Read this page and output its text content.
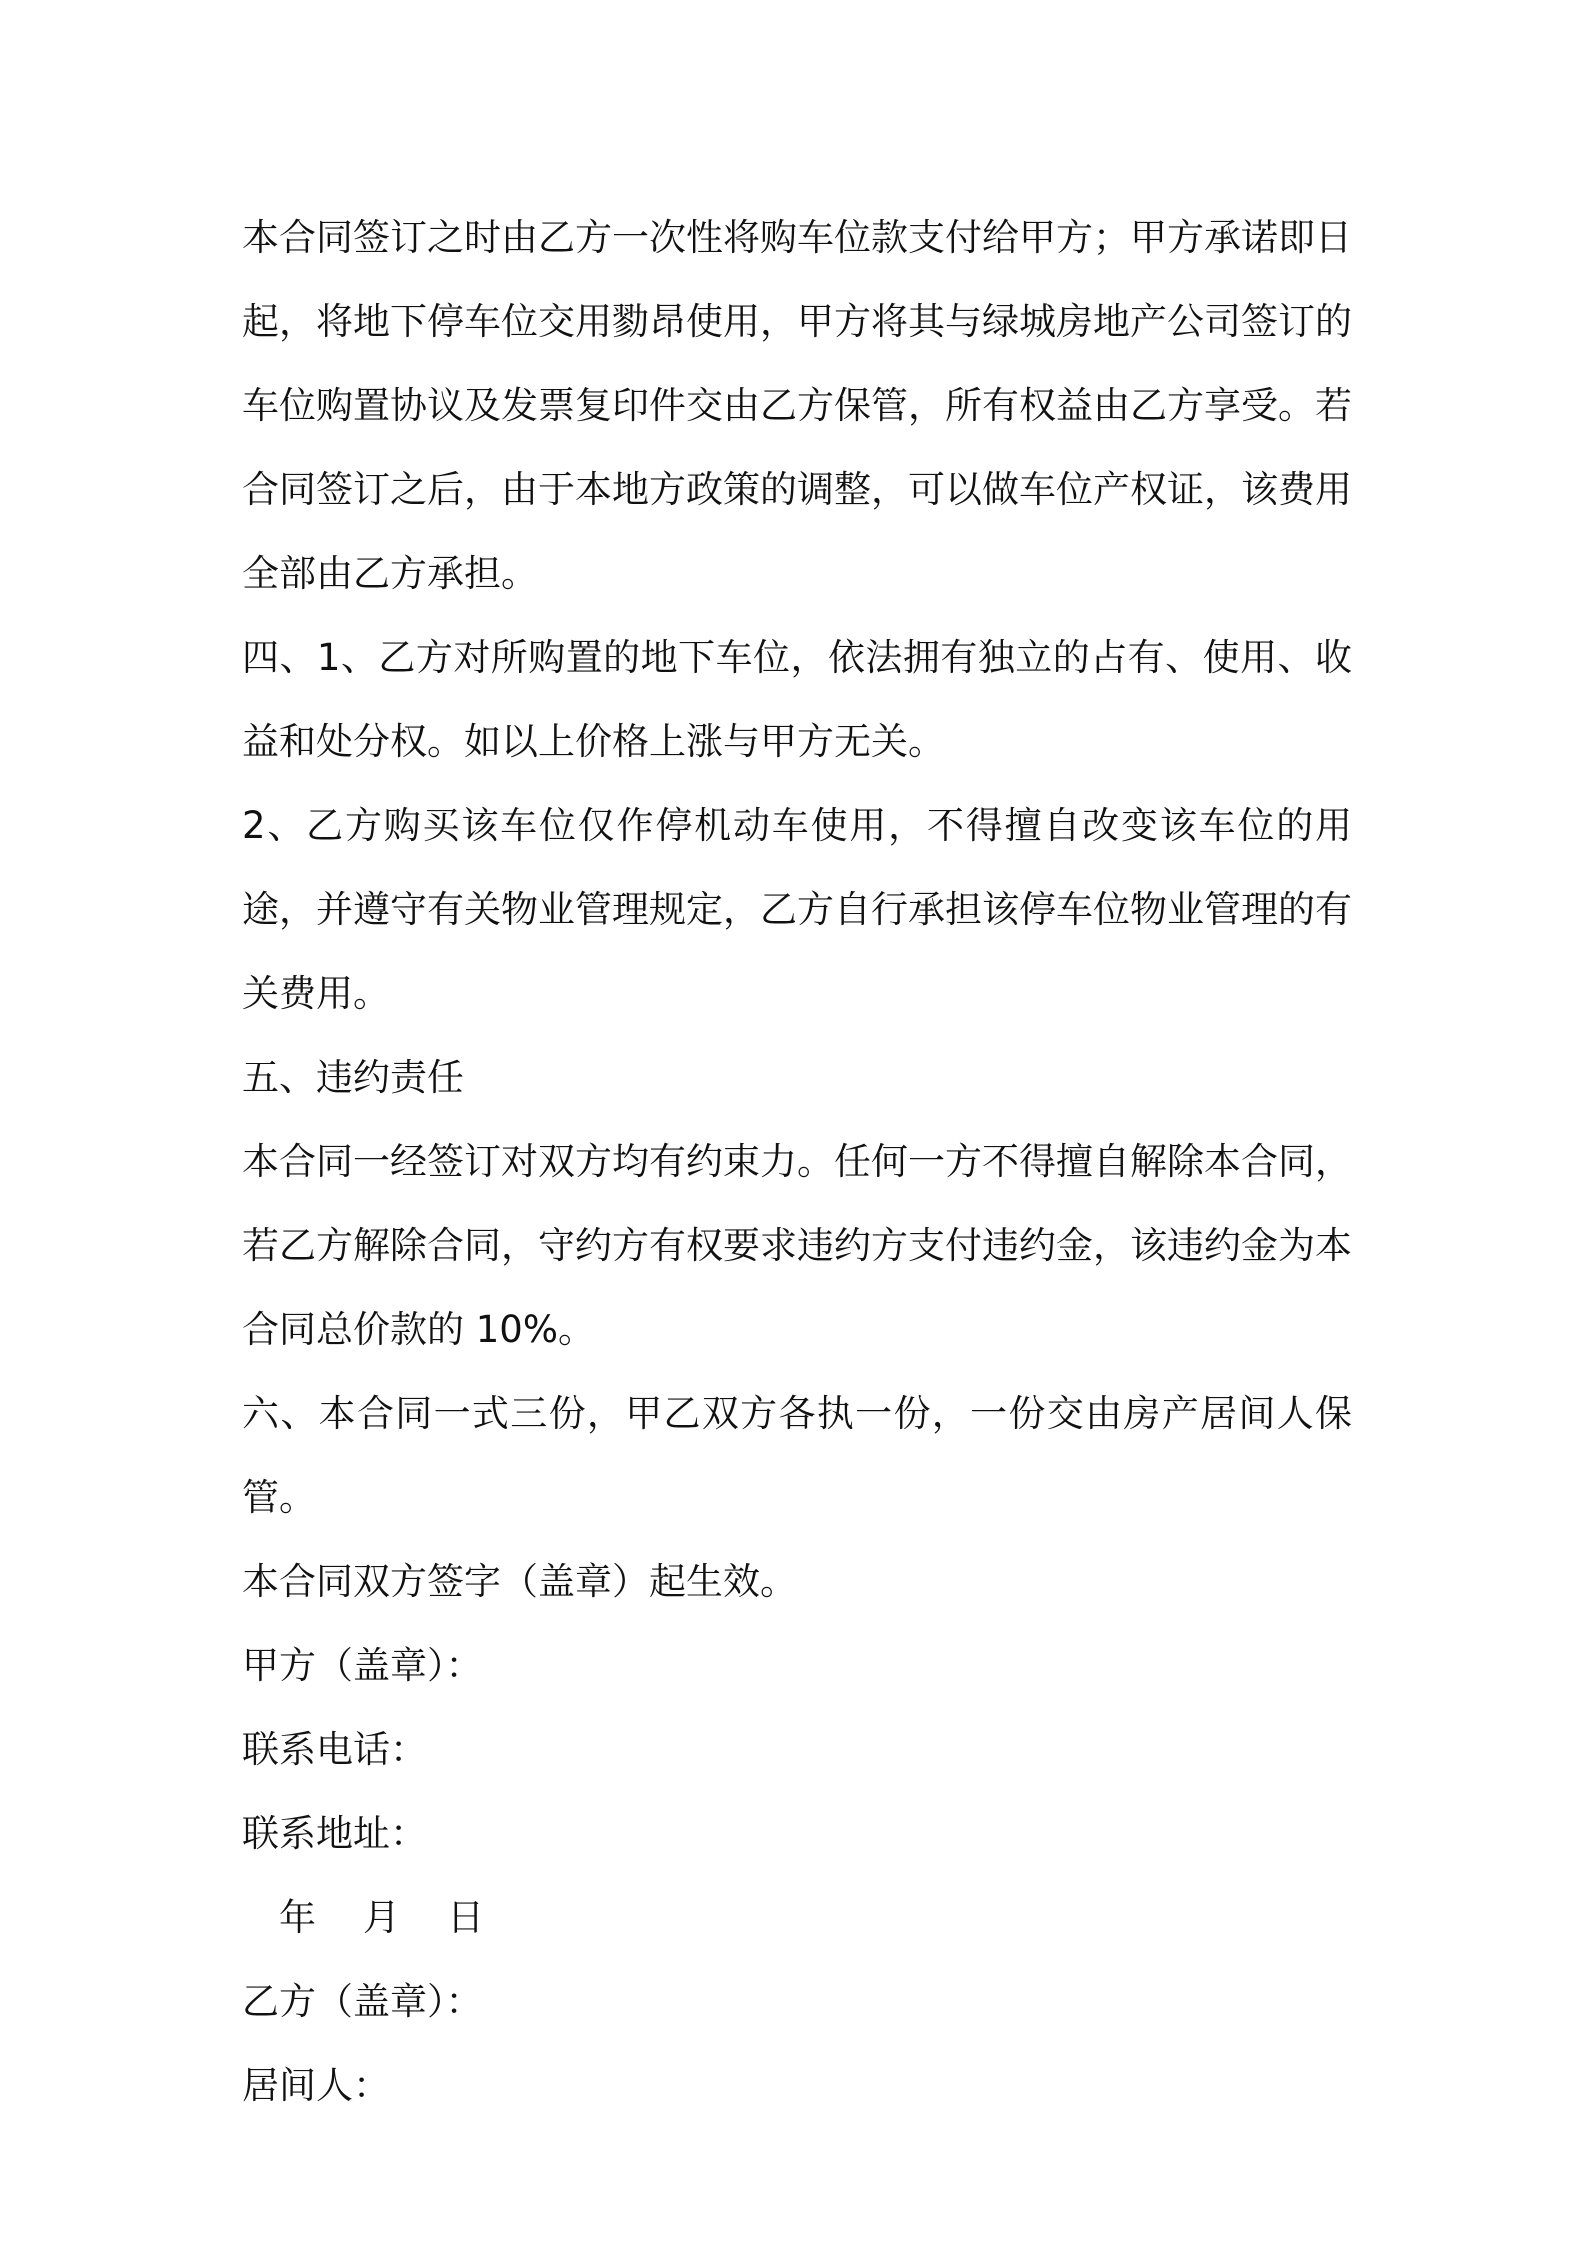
本合同签订之时由乙方一次性将购车位款支付给甲方；甲方承诺即日起，将地下停车位交用勠昂使用，甲方将其与绿城房地产公司签订的车位购置协议及发票复印件交由乙方保管，所有权益由乙方享受。若合同签订之后，由于本地方政策的调整，可以做车位产权证，该费用全部由乙方承担。

四、1、乙方对所购置的地下车位，依法拥有独立的占有、使用、收益和处分权。如以上价格上涨与甲方无关。

2、乙方购买该车位仅作停机动车使用，不得擅自改变该车位的用途，并遵守有关物业管理规定，乙方自行承担该停车位物业管理的有关费用。

五、违约责任

本合同一经签订对双方均有约束力。任何一方不得擅自解除本合同，若乙方解除合同，守约方有权要求违约方支付违约金，该违约金为本合同总价款的 10%。

六、本合同一式三份，甲乙双方各执一份，一份交由房产居间人保管。

本合同双方签字（盖章）起生效。

甲方（盖章）：

联系电话：

联系地址：

年    月    日

乙方（盖章）：

居间人：
